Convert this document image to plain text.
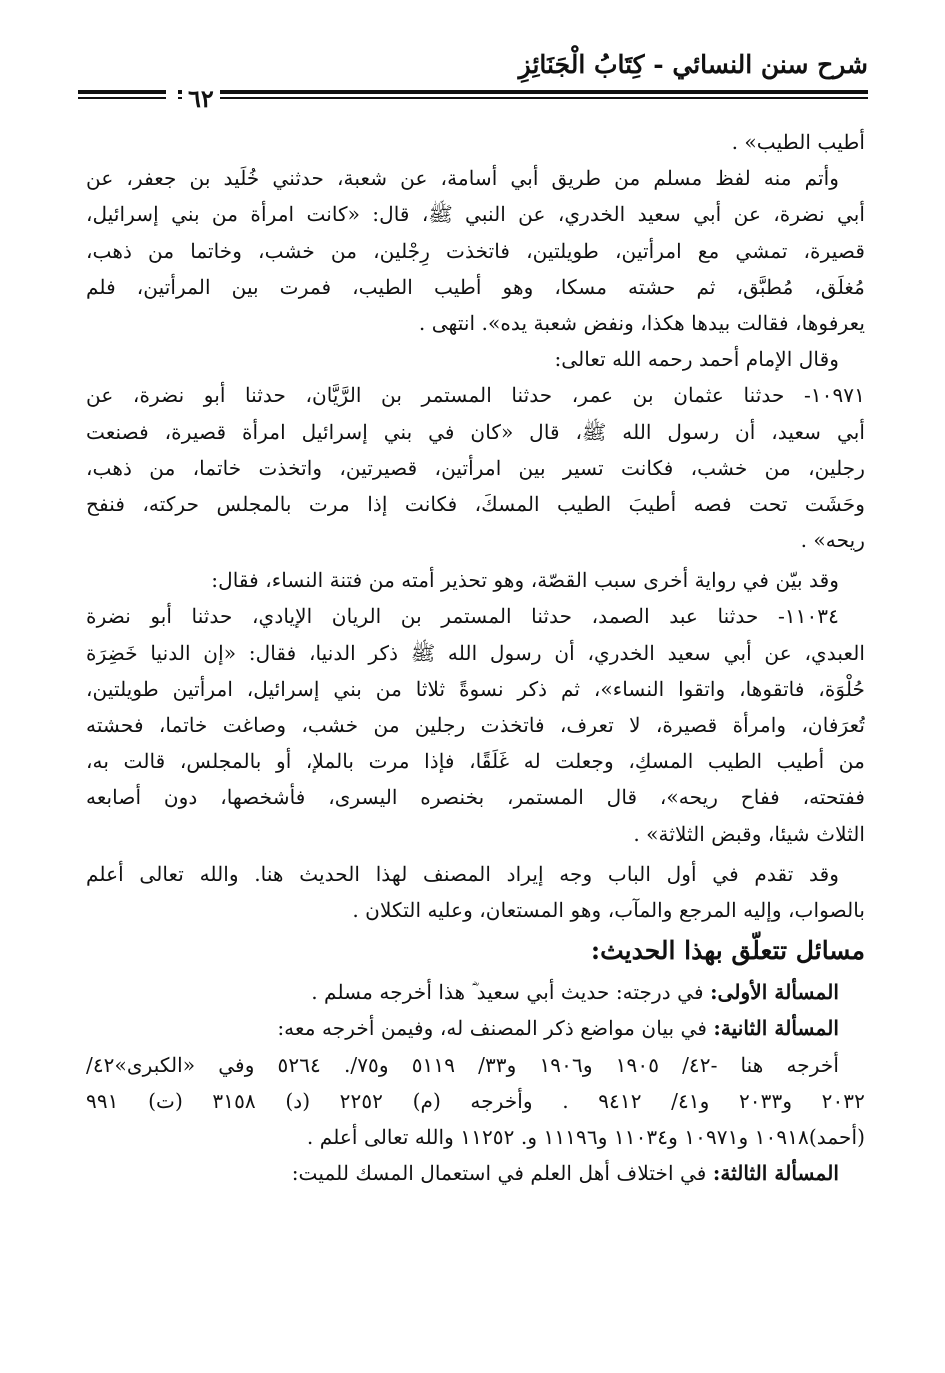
شرح سنن النسائي - كِتَابُ الْجَنَائِزِ
٦٢
أطيب الطيب» .
وأتم منه لفظ مسلم من طريق أبي أسامة، عن شعبة، حدثني خُلَيد بن جعفر، عن
أبي نضرة، عن أبي سعيد الخدري، عن النبي ﷺ، قال: «كانت امرأة من بني إسرائيل،
قصيرة، تمشي مع امرأتين، طويلتين، فاتخذت رِجْلين، من خشب، وخاتما من ذهب،
مُغلَق، مُطبَّق، ثم حشته مسكا، وهو أطيب الطيب، فمرت بين المرأتين، فلم
يعرفوها، فقالت بيدها هكذا، ونفض شعبة يده». انتهى .
وقال الإمام أحمد رحمه الله تعالى:
١٠٩٧١- حدثنا عثمان بن عمر، حدثنا المستمر بن الرَّيَّان، حدثنا أبو نضرة، عن
أبي سعيد، أن رسول الله ﷺ، قال «كان في بني إسرائيل امرأة قصيرة، فصنعت
رجلين، من خشب، فكانت تسير بين امرأتين، قصيرتين، واتخذت خاتما، من ذهب،
وحَشَت تحت فصه أطيبَ الطيب المسكَ، فكانت إذا مرت بالمجلس حركته، فنفح
ريحه» .
وقد بيّن في رواية أخرى سبب القصّة، وهو تحذير أمته من فتنة النساء، فقال:
١١٠٣٤- حدثنا عبد الصمد، حدثنا المستمر بن الريان الإيادي، حدثنا أبو نضرة
العبدي، عن أبي سعيد الخدري، أن رسول الله ﷺ ذكر الدنيا، فقال: «إن الدنيا خَضِرَة
حُلْوَة، فاتقوها، واتقوا النساء»، ثم ذكر نسوةً ثلاثا من بني إسرائيل، امرأتين طويلتين،
تُعرَفان، وامرأة قصيرة، لا تعرف، فاتخذت رجلين من خشب، وصاغت خاتما، فحشته
من أطيب الطيب المسكِ، وجعلت له غَلَقًا، فإذا مرت بالملإ، أو بالمجلس، قالت به،
ففتحته، ففاح ريحه»، قال المستمر، بخنصره اليسرى، فأشخصها، دون أصابعه
الثلاث شيئا، وقبض الثلاثة» .
وقد تقدم في أول الباب وجه إيراد المصنف لهذا الحديث هنا. والله تعالى أعلم
بالصواب، وإليه المرجع والمآب، وهو المستعان، وعليه التكلان .
مسائل تتعلّق بهذا الحديث:
المسألة الأولى: في درجته: حديث أبي سعيد ؓ هذا أخرجه مسلم .
المسألة الثانية: في بيان مواضع ذكر المصنف له، وفيمن أخرجه معه:
أخرجه هنا -٤٢/ ١٩٠٥ و١٩٠٦ و٣٣/ ٥١١٩ و٧٥/. ٥٢٦٤ وفي «الكبرى»٤٢/
٢٠٣٢ و٢٠٣٣ و٤١/ ٩٤١٢ . وأخرجه (م) ٢٢٥٢ (د) ٣١٥٨ (ت) ٩٩١
(أحمد)١٠٩١٨ و١٠٩٧١ و١١٠٣٤ و١١١٩٦ و. ١١٢٥٢ والله تعالى أعلم .
المسألة الثالثة: في اختلاف أهل العلم في استعمال المسك للميت:
